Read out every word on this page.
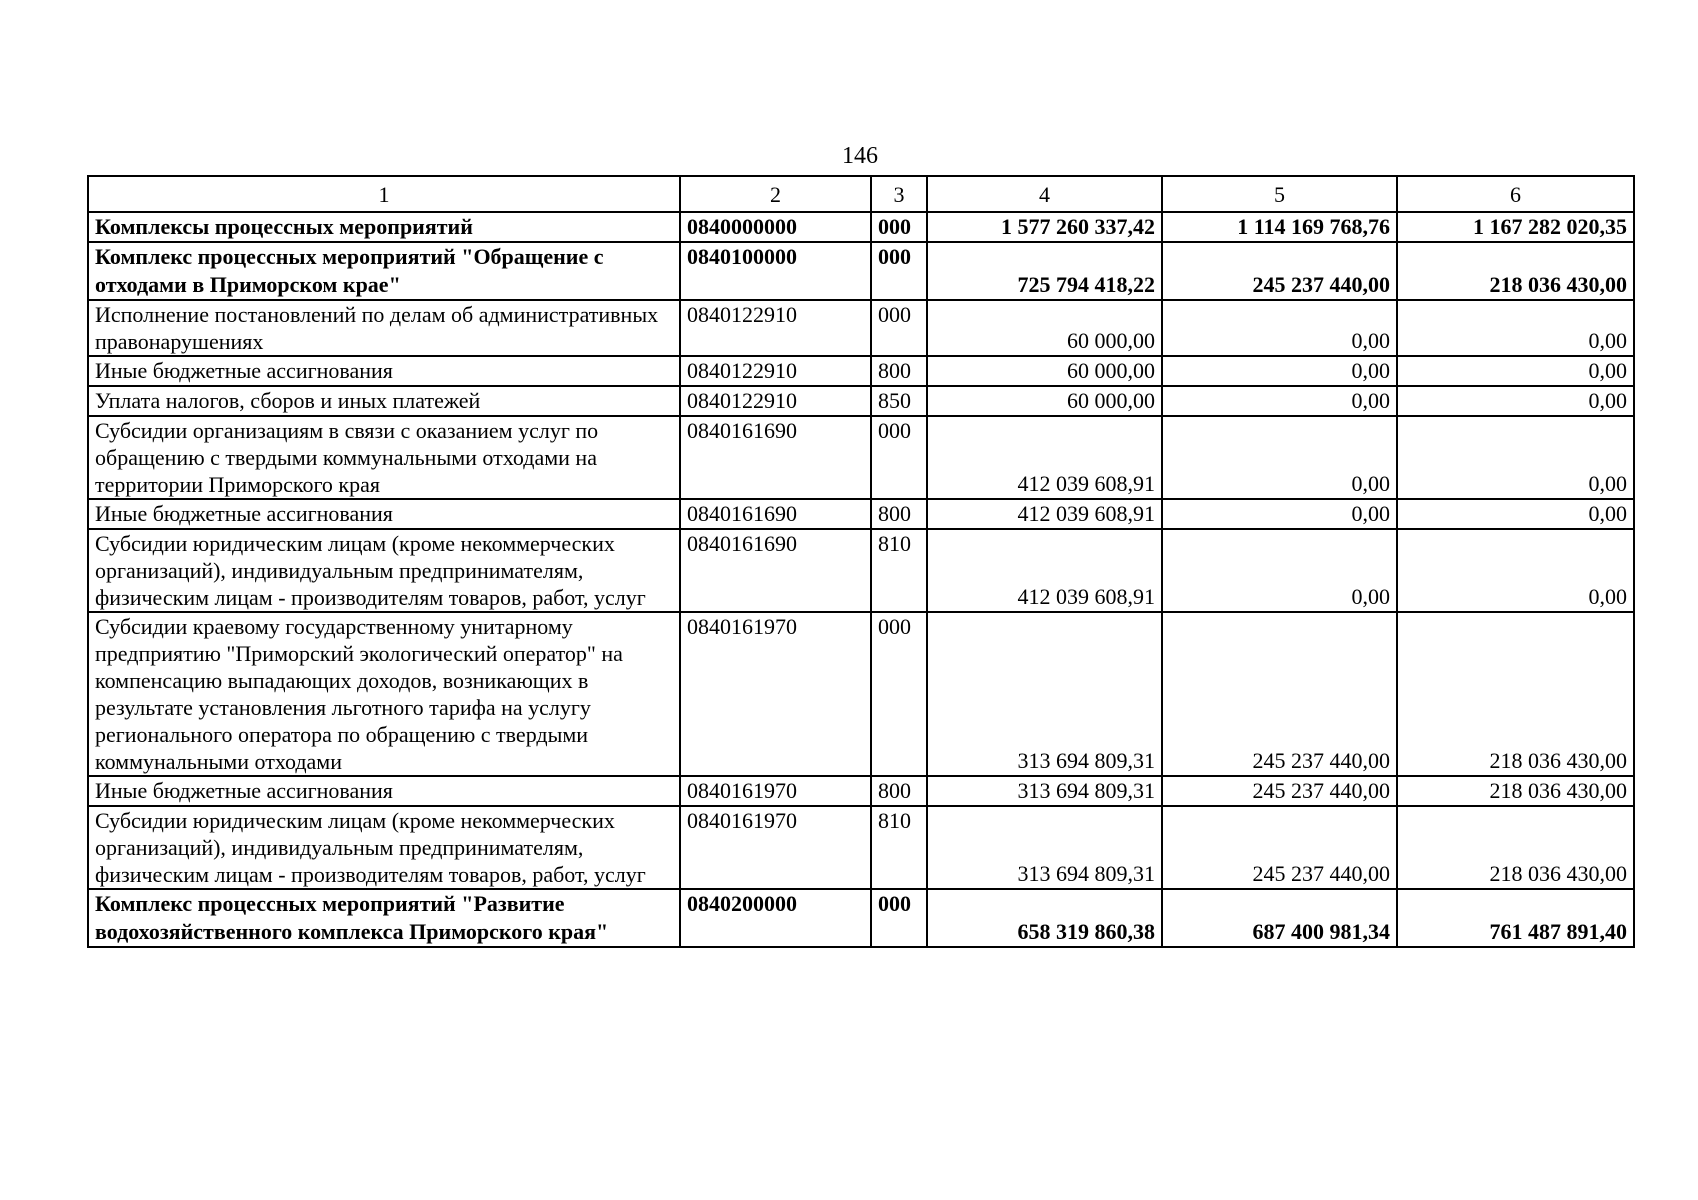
146
1	2	3	4	5	6
Комплексы процессных мероприятий	0840000000	000	1 577 260 337,42	1 114 169 768,76	1 167 282 020,35
Комплекс процессных мероприятий "Обращение с отходами в Приморском крае"	0840100000	000	725 794 418,22	245 237 440,00	218 036 430,00
Исполнение постановлений по делам об административных правонарушениях	0840122910	000	60 000,00	0,00	0,00
Иные бюджетные ассигнования	0840122910	800	60 000,00	0,00	0,00
Уплата налогов, сборов и иных платежей	0840122910	850	60 000,00	0,00	0,00
Субсидии организациям в связи с оказанием услуг по обращению с твердыми коммунальными отходами на территории Приморского края	0840161690	000	412 039 608,91	0,00	0,00
Иные бюджетные ассигнования	0840161690	800	412 039 608,91	0,00	0,00
Субсидии юридическим лицам (кроме некоммерческих организаций), индивидуальным предпринимателям, физическим лицам - производителям товаров, работ, услуг	0840161690	810	412 039 608,91	0,00	0,00
Субсидии краевому государственному унитарному предприятию "Приморский экологический оператор" на компенсацию выпадающих доходов, возникающих в результате установления льготного тарифа на услугу регионального оператора по обращению с твердыми коммунальными отходами	0840161970	000	313 694 809,31	245 237 440,00	218 036 430,00
Иные бюджетные ассигнования	0840161970	800	313 694 809,31	245 237 440,00	218 036 430,00
Субсидии юридическим лицам (кроме некоммерческих организаций), индивидуальным предпринимателям, физическим лицам - производителям товаров, работ, услуг	0840161970	810	313 694 809,31	245 237 440,00	218 036 430,00
Комплекс процессных мероприятий "Развитие водохозяйственного комплекса Приморского края"	0840200000	000	658 319 860,38	687 400 981,34	761 487 891,40
